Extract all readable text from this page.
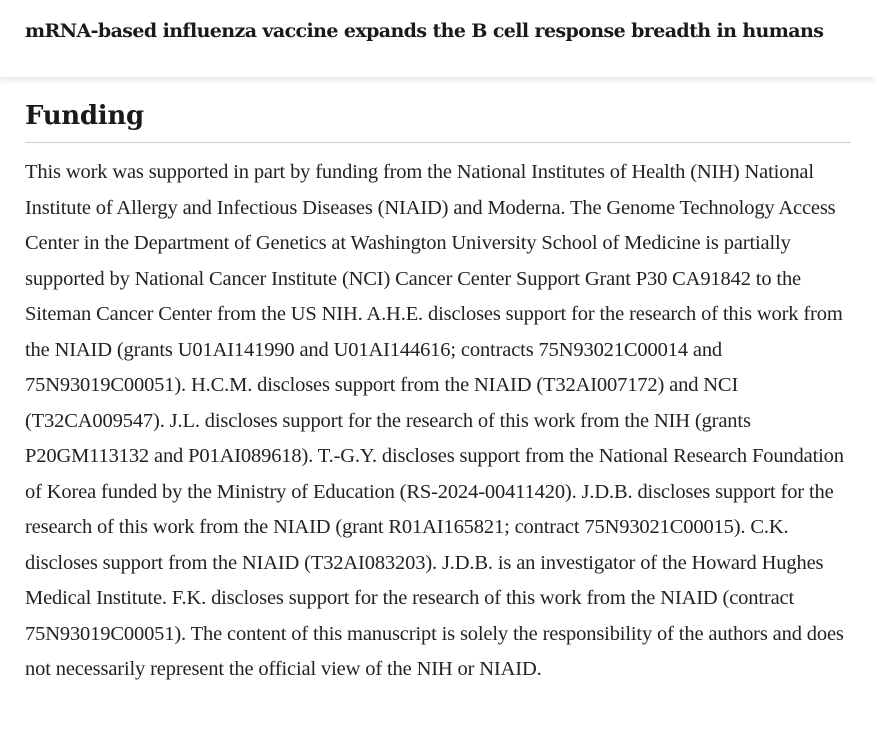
mRNA-based influenza vaccine expands the B cell response breadth in humans
Funding

This work was supported in part by funding from the National Institutes of Health (NIH) National Institute of Allergy and Infectious Diseases (NIAID) and Moderna. The Genome Technology Access Center in the Department of Genetics at Washington University School of Medicine is partially supported by National Cancer Institute (NCI) Cancer Center Support Grant P30 CA91842 to the Siteman Cancer Center from the US NIH. A.H.E. discloses support for the research of this work from the NIAID (grants U01AI141990 and U01AI144616; contracts 75N93021C00014 and 75N93019C00051). H.C.M. discloses support from the NIAID (T32AI007172) and NCI (T32CA009547). J.L. discloses support for the research of this work from the NIH (grants P20GM113132 and P01AI089618). T.-G.Y. discloses support from the National Research Foundation of Korea funded by the Ministry of Education (RS-2024-00411420). J.D.B. discloses support for the research of this work from the NIAID (grant R01AI165821; contract 75N93021C00015). C.K. discloses support from the NIAID (T32AI083203). J.D.B. is an investigator of the Howard Hughes Medical Institute. F.K. discloses support for the research of this work from the NIAID (contract 75N93019C00051). The content of this manuscript is solely the responsibility of the authors and does not necessarily represent the official view of the NIH or NIAID.
